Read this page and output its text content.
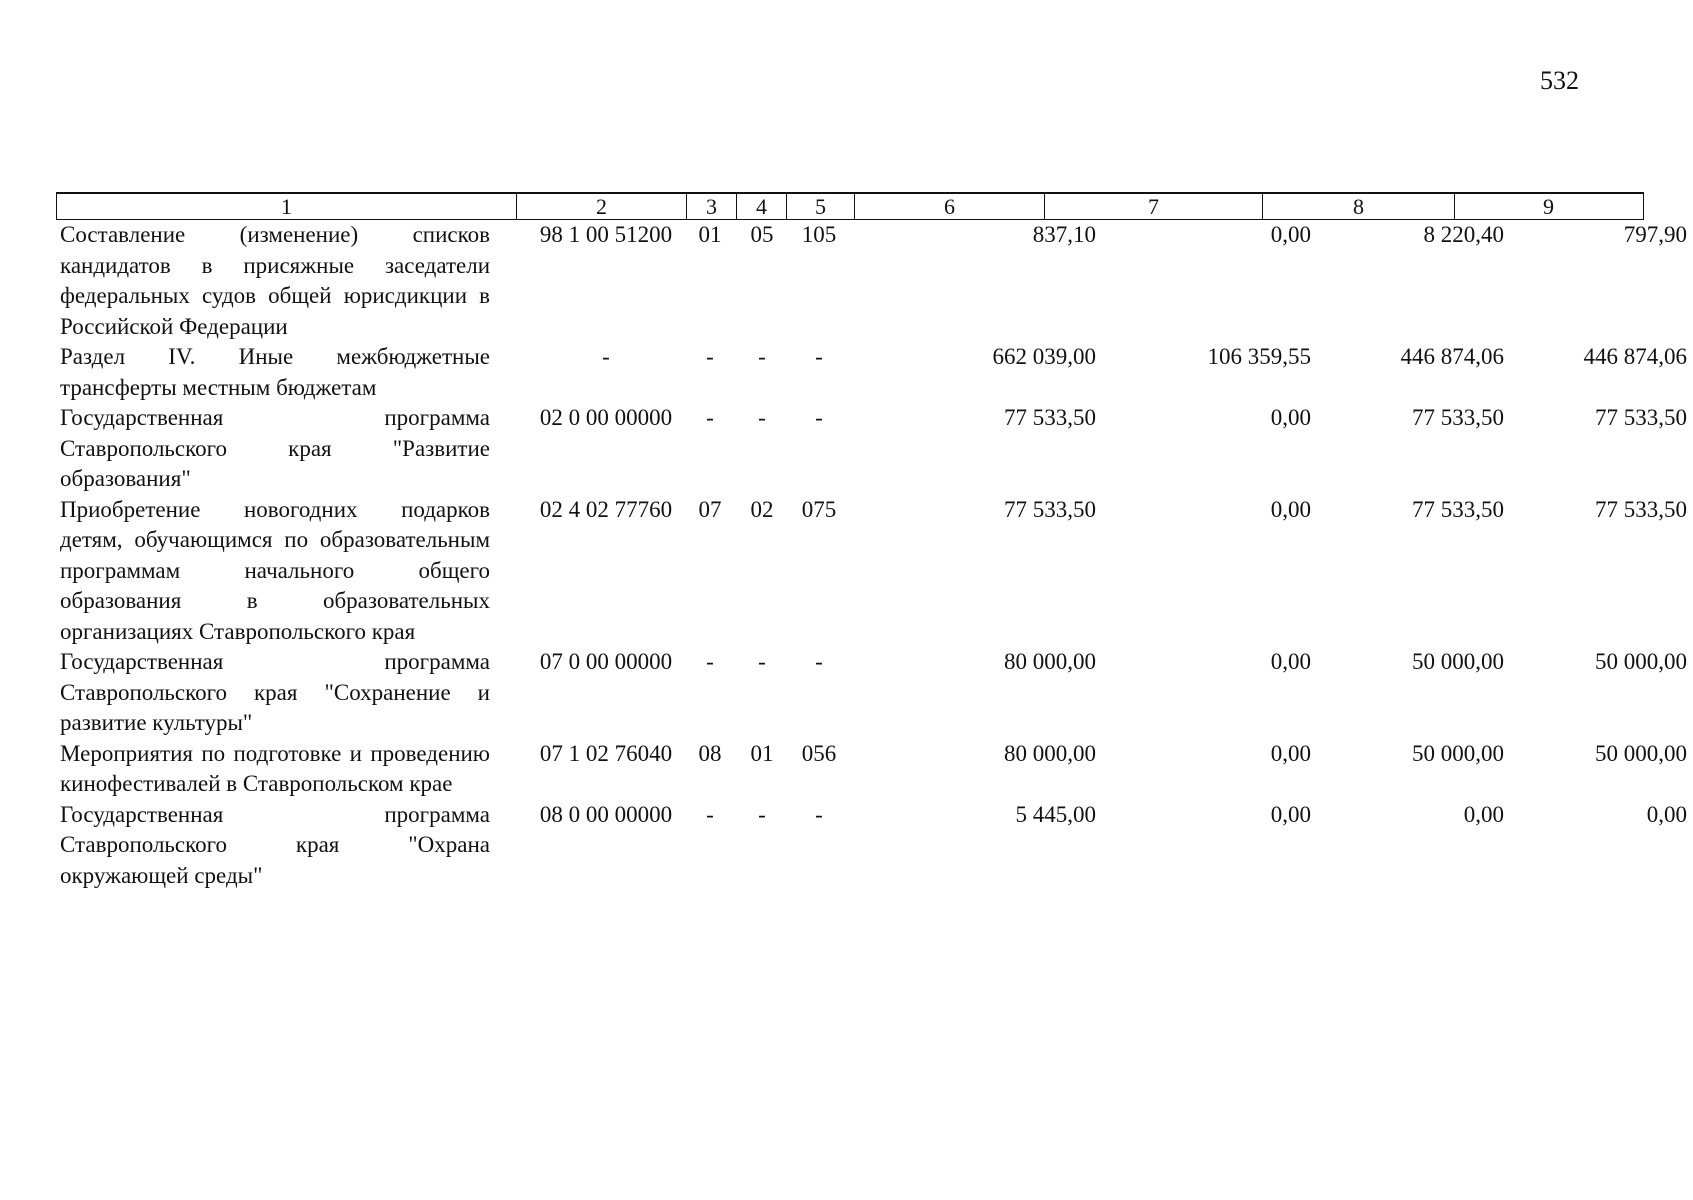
532
1	2	3	4	5	6	7	8	9
Составление (изменение) списков
кандидатов в присяжные заседатели
федеральных судов общей юрисдикции в
Российской Федерации
98 1 00 51200	01	05	105	837,10	0,00	8 220,40	797,90
Раздел IV. Иные межбюджетные
трансферты местным бюджетам
-	-	-	-	662 039,00	106 359,55	446 874,06	446 874,06
Государственная программа
Ставропольского края "Развитие
образования"
02 0 00 00000	-	-	-	77 533,50	0,00	77 533,50	77 533,50
Приобретение новогодних подарков
детям, обучающимся по образовательным
программам начального общего
образования в образовательных
организациях Ставропольского края
02 4 02 77760	07	02	075	77 533,50	0,00	77 533,50	77 533,50
Государственная программа
Ставропольского края "Сохранение и
развитие культуры"
07 0 00 00000	-	-	-	80 000,00	0,00	50 000,00	50 000,00
Мероприятия по подготовке и проведению
кинофестивалей в Ставропольском крае
07 1 02 76040	08	01	056	80 000,00	0,00	50 000,00	50 000,00
Государственная программа
Ставропольского края "Охрана
окружающей среды"
08 0 00 00000	-	-	-	5 445,00	0,00	0,00	0,00
